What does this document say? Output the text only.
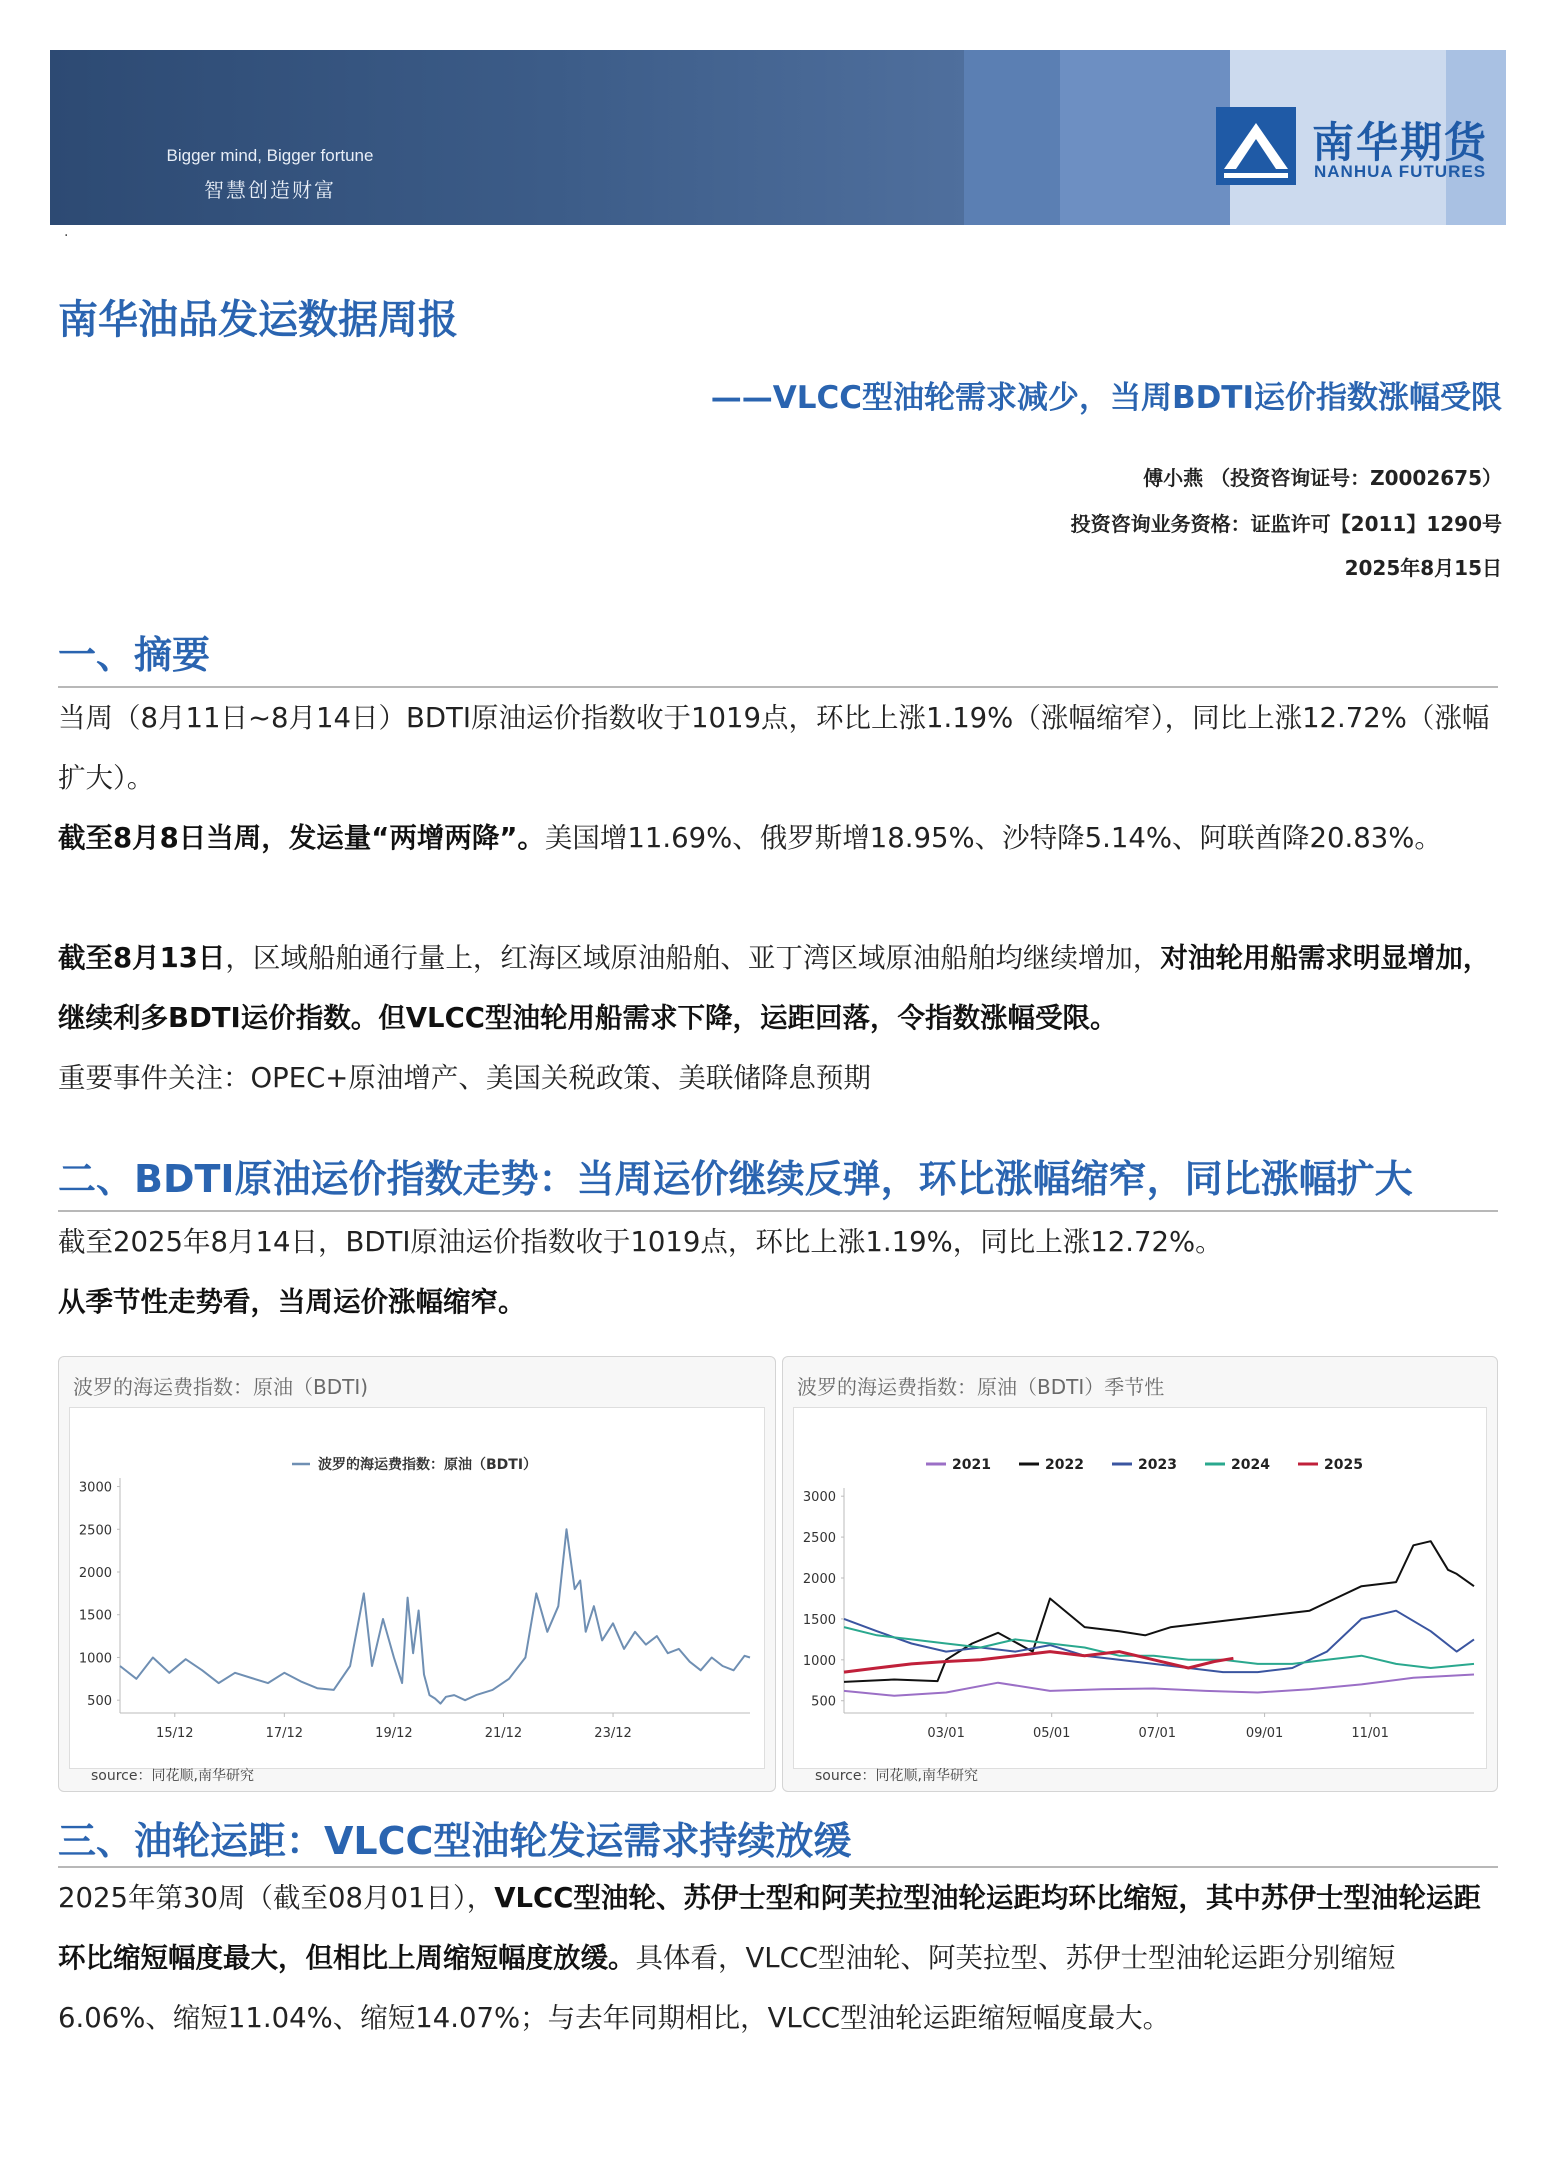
Bigger mind, Bigger fortune
智慧创造财富
南华期货
NANHUA FUTURES
·
南华油品发运数据周报
——VLCC型油轮需求减少，当周BDTI运价指数涨幅受限
傅小燕 （投资咨询证号：Z0002675）
投资咨询业务资格：证监许可【2011】1290号
2025年8月15日
一、摘要
当周（8月11日~8月14日）BDTI原油运价指数收于1019点，环比上涨1.19%（涨幅缩窄），同比上涨12.72%（涨幅扩大）。
截至8月8日当周，发运量“两增两降”。美国增11.69%、俄罗斯增18.95%、沙特降5.14%、阿联酋降20.83%。
截至8月13日，区域船舶通行量上，红海区域原油船舶、亚丁湾区域原油船舶均继续增加，对油轮用船需求明显增加，继续利多BDTI运价指数。但VLCC型油轮用船需求下降，运距回落，令指数涨幅受限。
重要事件关注：OPEC+原油增产、美国关税政策、美联储降息预期
二、BDTI原油运价指数走势：当周运价继续反弹，环比涨幅缩窄，同比涨幅扩大
截至2025年8月14日，BDTI原油运价指数收于1019点，环比上涨1.19%，同比上涨12.72%。
从季节性走势看，当周运价涨幅缩窄。
波罗的海运费指数：原油（BDTI)
500
1000
1500
2000
2500
3000
15/12	17/12	19/12	21/12	23/12
波罗的海运费指数：原油（BDTI）
source：同花顺,南华研究
波罗的海运费指数：原油（BDTI）季节性
500
1000
1500
2000
2500
3000
03/01	05/01	07/01	09/01	11/01
2021	2022	2023	2024	2025
source：同花顺,南华研究
三、油轮运距：VLCC型油轮发运需求持续放缓
2025年第30周（截至08月01日），VLCC型油轮、苏伊士型和阿芙拉型油轮运距均环比缩短，其中苏伊士型油轮运距环比缩短幅度最大，但相比上周缩短幅度放缓。具体看，VLCC型油轮、阿芙拉型、苏伊士型油轮运距分别缩短6.06%、缩短11.04%、缩短14.07%；与去年同期相比，VLCC型油轮运距缩短幅度最大。
